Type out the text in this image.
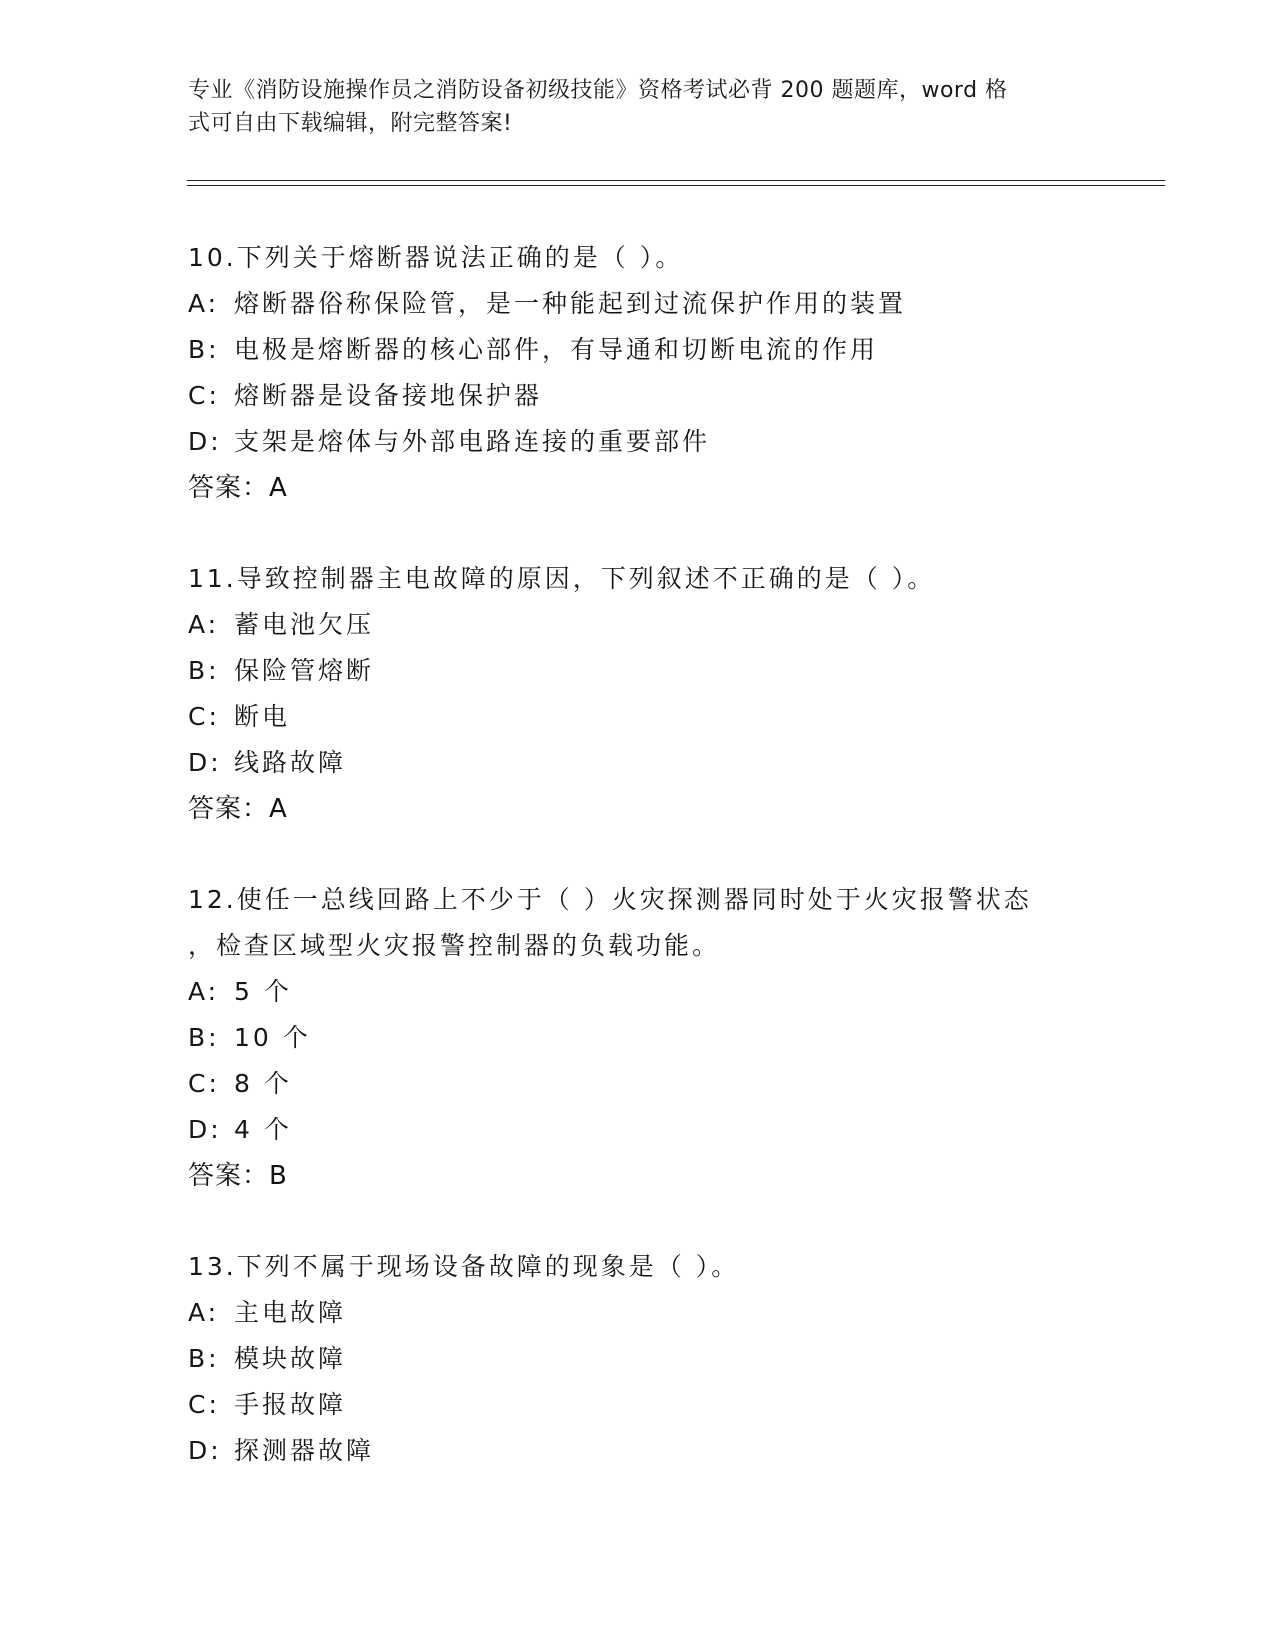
专业《消防设施操作员之消防设备初级技能》资格考试必背 200 题题库，word 格
式可自由下载编辑，附完整答案!
10.下列关于熔断器说法正确的是（ ）。
A: 熔断器俗称保险管，是一种能起到过流保护作用的装置
B: 电极是熔断器的核心部件，有导通和切断电流的作用
C: 熔断器是设备接地保护器
D: 支架是熔体与外部电路连接的重要部件
答案：A
11.导致控制器主电故障的原因，下列叙述不正确的是（ ）。
A: 蓄电池欠压
B: 保险管熔断
C: 断电
D: 线路故障
答案：A
12.使任一总线回路上不少于（ ）火灾探测器同时处于火灾报警状态
，检查区域型火灾报警控制器的负载功能。
A: 5 个
B: 10 个
C: 8 个
D: 4 个
答案：B
13.下列不属于现场设备故障的现象是（ ）。
A: 主电故障
B: 模块故障
C: 手报故障
D: 探测器故障
